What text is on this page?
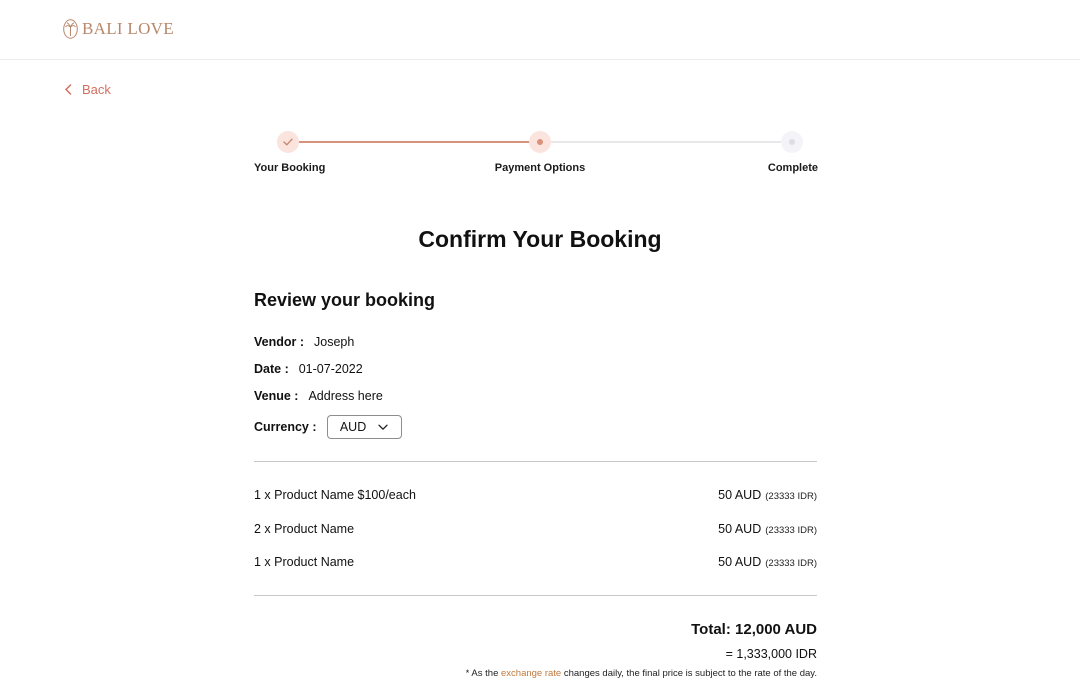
BALI LOVE
Back
Your Booking	Payment Options	Complete
Confirm Your Booking
Review your booking
Vendor : Joseph
Date : 01-07-2022
Venue : Address here
Currency : AUD
1 x Product Name $100/each	50 AUD (23333 IDR)
2 x Product Name	50 AUD (23333 IDR)
1 x Product Name	50 AUD (23333 IDR)
Total: 12,000 AUD
= 1,333,000 IDR
* As the exchange rate changes daily, the final price is subject to the rate of the day.
